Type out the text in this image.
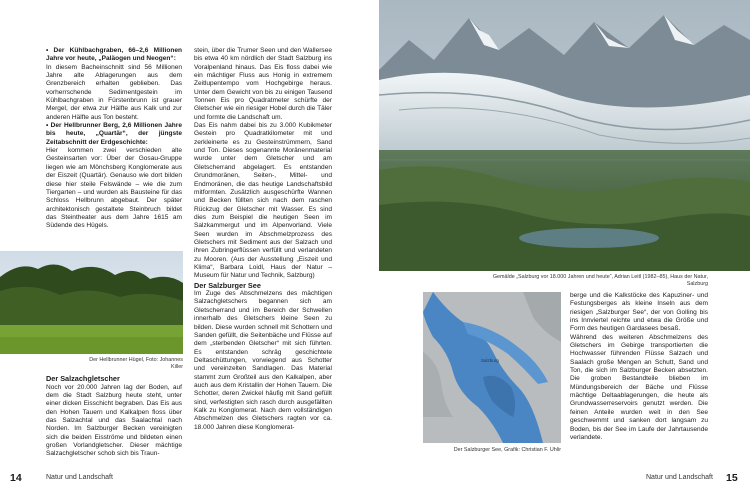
• Der Kühlbachgraben, 66–2,6 Millionen Jahre vor heute, „Paläogen und Neogen“:

In diesem Bacheinschnitt sind 56 Millionen Jahre alte Ablagerungen aus dem Grenzbereich erhalten geblieben. Das vorherrschende Sedimentgestein im Kühlbachgraben in Fürstenbrunn ist grauer Mergel, der etwa zur Hälfte aus Kalk und zur anderen Hälfte aus Ton besteht.

• Der Hellbrunner Berg, 2,6 Millionen Jahre bis heute, „Quartär“, der jüngste Zeitabschnitt der Erdgeschichte:

Hier kommen zwei verschieden alte Gesteinsarten vor: Über der Gosau-Gruppe liegen wie am Mönchsberg Konglomerate aus der Eiszeit (Quartär). Genauso wie dort bilden diese hier steile Felswände – wie die zum Tiergarten – und wurden als Bausteine für das Schloss Hellbrunn abgebaut. Der später architektonisch gestaltete Steinbruch bildet das Steintheater aus dem Jahre 1615 am Südende des Hügels.

Der Hellbrunner Hügel, Foto: Johannes Killer

Der Salzachgletscher

Noch vor 20.000 Jahren lag der Boden, auf dem die Stadt Salzburg heute steht, unter einer dicken Eisschicht begraben. Das Eis aus den Hohen Tauern und Kalkalpen floss über das Salzachtal und das Saalachtal nach Norden. Im Salzburger Becken vereinigten sich die beiden Eisströme und bildeten einen großen Vorlandgletscher. Dieser mächtige Salzachgletscher schob sich bis Traun-

stein, über die Trumer Seen und den Wallersee bis etwa 40 km nördlich der Stadt Salzburg ins Voralpenland hinaus. Das Eis floss dabei wie ein mächtiger Fluss aus Honig in extremem Zeitlupentempo vom Hochgebirge heraus. Unter dem Gewicht von bis zu einigen Tausend Tonnen Eis pro Quadratmeter schürfte der Gletscher wie ein riesiger Hobel durch die Täler und formte die Landschaft um.

Das Eis nahm dabei bis zu 3.000 Kubikmeter Gestein pro Quadratkilometer mit und zerkleinerte es zu Gesteinstrümmern, Sand und Ton. Dieses sogenannte Moränenmaterial wurde unter dem Gletscher und am Gletscherrand abgelagert. Es entstanden Grundmoränen, Seiten-, Mittel- und Endmoränen, die das heutige Landschaftsbild mitformten. Zusätzlich ausgeschürfte Wannen und Becken füllten sich nach dem raschen Rückzug der Gletscher mit Wasser. Es sind dies zum Beispiel die heutigen Seen im Salzkammergut und im Alpenvorland. Viele Seen wurden im Abschmelzprozess des Gletschers mit Sediment aus der Salzach und ihren Zubringerflüssen verfüllt und verlandeten zu Mooren. (Aus der Ausstellung „Eiszeit und Klima“, Barbara Loidl, Haus der Natur – Museum für Natur und Technik, Salzburg)

Der Salzburger See

Im Zuge des Abschmelzens des mächtigen Salzachgletschers begannen sich am Gletscherrand und im Bereich der Schwellen innerhalb des Gletschers kleine Seen zu bilden. Diese wurden schnell mit Schottern und Sanden gefüllt, die Seitenbäche und Flüsse auf dem „sterbenden Gletscher“ mit sich führten. Es entstanden schräg geschichtete Deltaschüttungen, vorwiegend aus Schotter und vereinzelten Sandlagen. Das Material stammt zum Großteil aus den Kalkalpen, aber auch aus dem Kristallin der Hohen Tauern. Die Schotter, deren Zwickel häufig mit Sand gefüllt sind, verfestigten sich rasch durch ausgefällten Kalk zu Konglomerat. Nach dem vollständigen Abschmelzen des Gletschers ragten vor ca. 18.000 Jahren diese Konglomerat-

14	Natur und Landschaft
Gemälde „Salzburg vor 18.000 Jahren und heute“, Adrian Leitl (1982–85), Haus der Natur, Salzburg
Salzburg
Der Salzburger See, Grafik: Christian F. Uhlir

berge und die Kalkstöcke des Kapuziner- und Festungsberges als kleine Inseln aus dem riesigen „Salzburger See“, der von Golling bis ins Innviertel reichte und etwa die Größe und Form des heutigen Gardasees besaß.

Während des weiteren Abschmelzens des Gletschers im Gebirge transportierten die Hochwasser führenden Flüsse Salzach und Saalach große Mengen an Schutt, Sand und Ton, die sich im Salzburger Becken absetzten. Die groben Bestandteile blieben im Mündungsbereich der Bäche und Flüsse mächtige Deltaablagerungen, die heute als Grundwasserreservoirs genutzt werden. Die feinen Anteile wurden weit in den See geschwemmt und sanken dort langsam zu Boden, bis der See im Laufe der Jahrtausende verlandete.

Natur und Landschaft 15
